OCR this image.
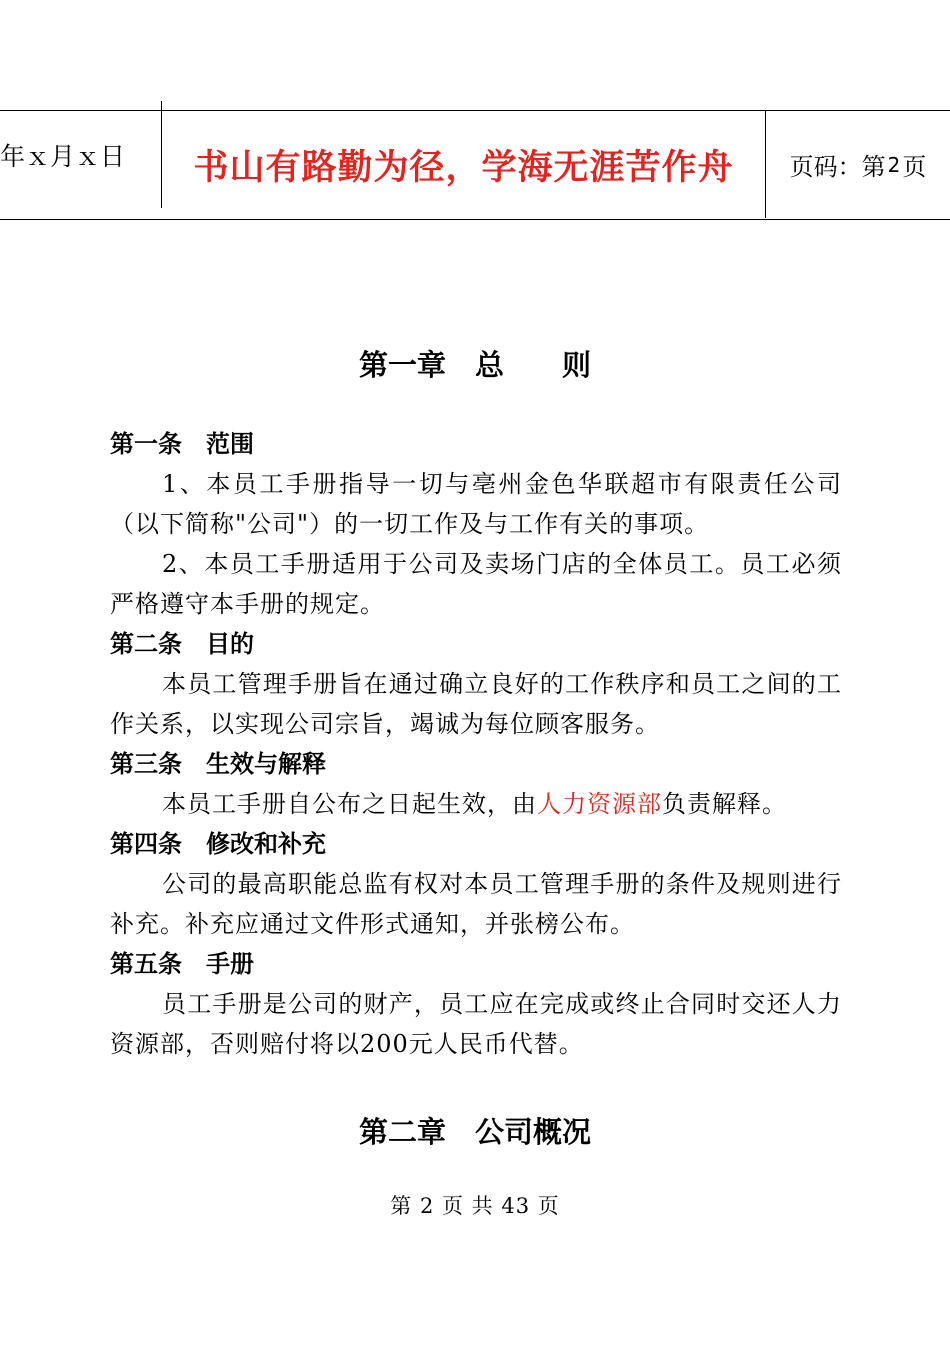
年ｘ月ｘ日 书山有路勤为径，学海无涯苦作舟 页码：第 2 页
第一章　总　　则
第一条　范围
1、本员工手册指导一切与亳州金色华联超市有限责任公司（以下简称"公司"）的一切工作及与工作有关的事项。
2、本员工手册适用于公司及卖场门店的全体员工。员工必须严格遵守本手册的规定。
第二条　目的
本员工管理手册旨在通过确立良好的工作秩序和员工之间的工作关系，以实现公司宗旨，竭诚为每位顾客服务。
第三条　生效与解释
本员工手册自公布之日起生效，由人力资源部负责解释。
第四条　修改和补充
公司的最高职能总监有权对本员工管理手册的条件及规则进行补充。补充应通过文件形式通知，并张榜公布。
第五条　手册
员工手册是公司的财产，员工应在完成或终止合同时交还人力资源部，否则赔付将以200元人民币代替。
第二章　公司概况
第 2 页 共 43 页
